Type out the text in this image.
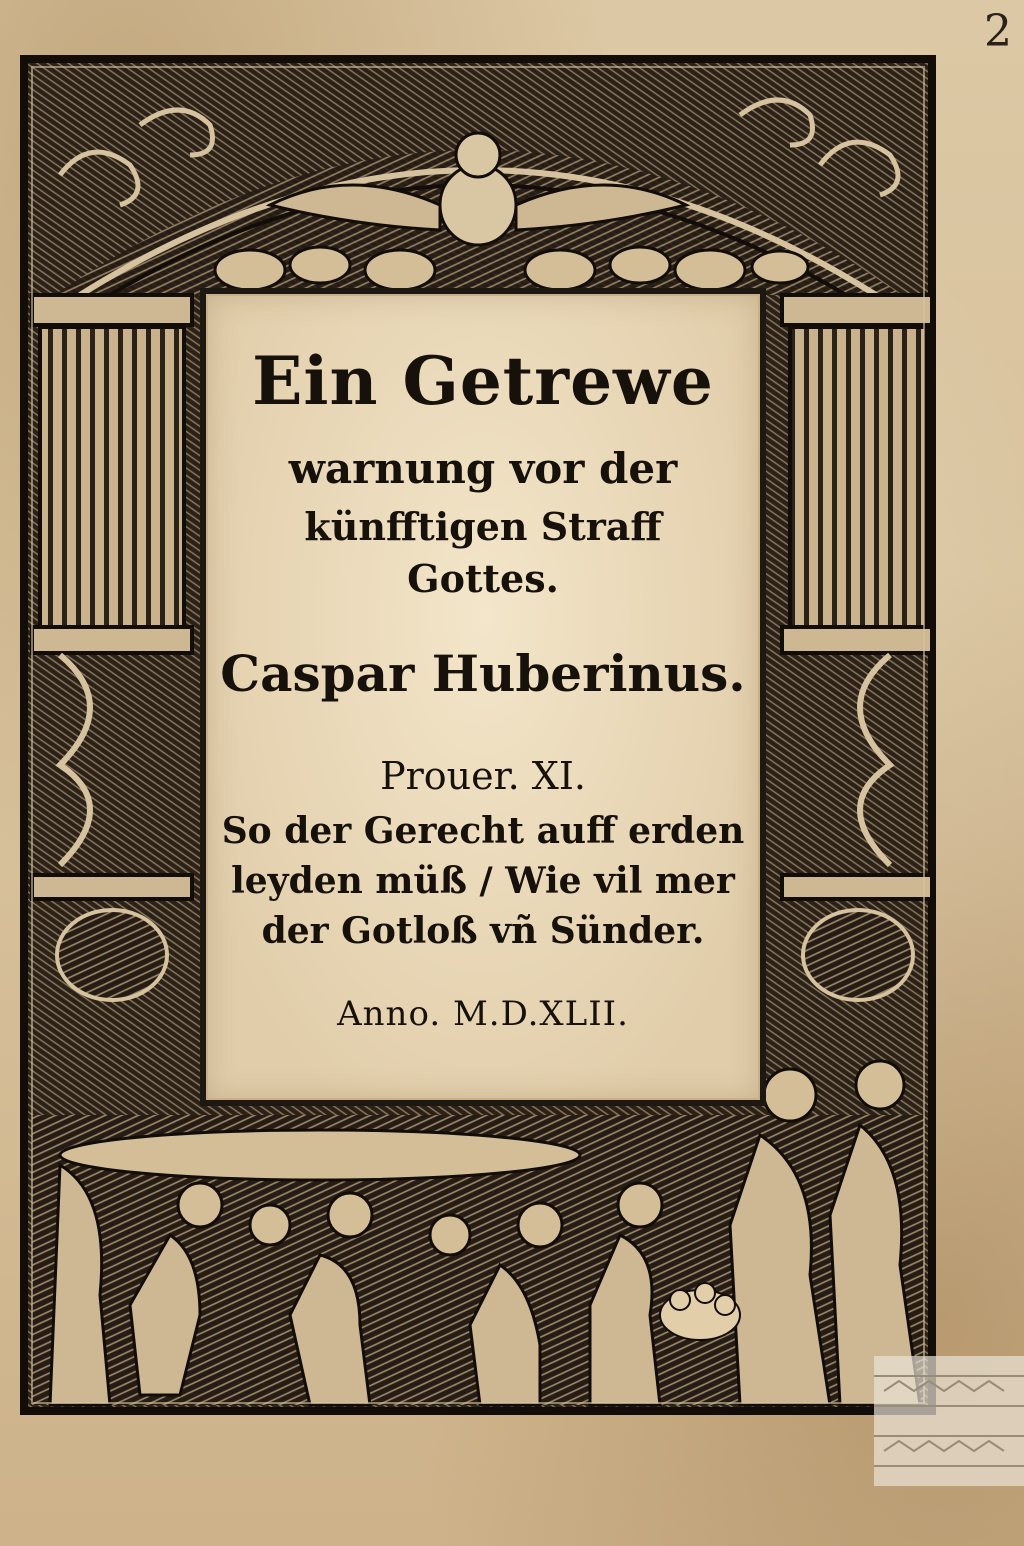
2
Ein Getrewe
warnung vor der
künfftigen Straff
Gottes.
Caspar Huberinus.
Prouer. XI.
So der Gerecht auff erden
leyden müß / Wie vil mer
der Gotloß vñ Sünder.
Anno. M.D.XLII.
